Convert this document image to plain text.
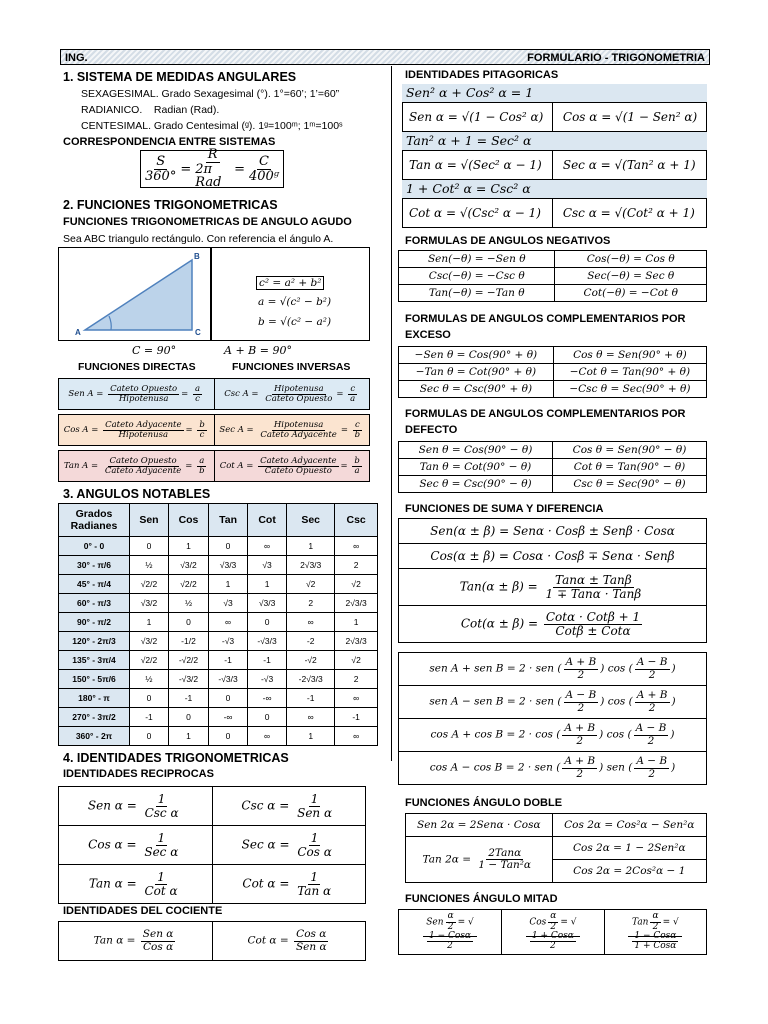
ING.	FORMULARIO - TRIGONOMETRIA
1. SISTEMA DE MEDIDAS ANGULARES
SEXAGESIMAL. Grado Sexagesimal (°). 1°=60’; 1’=60”
RADIANICO.    Radian (Rad).
CENTESIMAL. Grado Centesimal (ᵍ). 1ᵍ=100ᵐ; 1ᵐ=100ˢ
CORRESPONDENCIA ENTRE SISTEMAS
$\frac{S}{360^\circ} = \frac{R}{\text{2π Rad}} = \frac{C}{\text{400ᵍ}}$
2. FUNCIONES TRIGONOMETRICAS
FUNCIONES TRIGONOMETRICAS DE ANGULO AGUDO
Sea ABC triangulo rectángulo. Con referencia el ángulo A.
A
B
C
c² = a² + b²
a = √(c² − b²)
b = √(c² − a²)
C = 90°	A + B = 90°
FUNCIONES DIRECTAS	FUNCIONES INVERSAS
Sen $A = \frac{\text{Cateto Opuesto}}{\text{Hipotenusa}} = \frac{a}{c}$	Csc $A = \frac{\text{Hipotenusa}}{\text{Cateto Opuesto}} = \frac{c}{a}$
Cos $A = \frac{\text{Cateto Adyacente}}{\text{Hipotenusa}} = \frac{b}{c}$ Sec $A = \frac{\text{Hipotenusa}}{\text{Cateto Adyacente}} = \frac{c}{b}$
Tan $A = \frac{\text{Cateto Opuesto}}{\text{Cateto Adyacente}} = \frac{a}{b}$ Cot $A = \frac{\text{Cateto Adyacente}}{\text{Cateto Opuesto}} = \frac{b}{a}$
3. ANGULOS NOTABLES
Grados Radianes	Sen	Cos	Tan	Cot	Sec	Csc
0° - 0	0	1	0	∞	1	∞
30° - π/6	½	√3/2	√3/3	√3	2√3/3	2
45° - π/4	√2/2	√2/2	1	1	√2	√2
60° - π/3	√3/2	½	√3	√3/3	2	2√3/3
90° - π/2	1	0	∞	0	∞	1
120° - 2π/3	√3/2	-1/2	-√3	-√3/3	-2	2√3/3
135° - 3π/4	√2/2	-√2/2	-1	-1	-√2	√2
150° - 5π/6	½	-√3/2	-√3/3	-√3	-2√3/3	2
180° - π	0	-1	0	-∞	-1	∞
270° - 3π/2	-1	0	-∞	0	∞	-1
360° - 2π	0	1	0	∞	1	∞
4. IDENTIDADES TRIGONOMETRICAS
IDENTIDADES RECIPROCAS
Sen $\alpha = \frac{1}{\text{Csc α}}$	Csc $\alpha = \frac{1}{\text{Sen α}}$

Cos $\alpha = \frac{1}{\text{Sec α}}$	Sec $\alpha = \frac{1}{\text{Cos α}}$

Tan $\alpha = \frac{1}{\text{Cot α}}$	Cot $\alpha = \frac{1}{\text{Tan α}}$
IDENTIDADES DEL COCIENTE
Tan $\alpha = \frac{\text{Sen α}}{\text{Cos α}}$	Cot $\alpha = \frac{\text{Cos α}}{\text{Sen α}}$
IDENTIDADES PITAGORICAS
Sen² α + Cos² α = 1
Sen α = √(1 − Cos² α)	Cos α = √(1 − Sen² α)
Tan² α + 1 = Sec² α
Tan α = √(Sec² α − 1)	Sec α = √(Tan² α + 1)
1 + Cot² α = Csc² α
Cot α = √(Csc² α − 1)	Csc α = √(Cot² α + 1)
FORMULAS DE ANGULOS NEGATIVOS
Sen(−θ) = −Sen θ	Cos(−θ) = Cos θ
Csc(−θ) = −Csc θ	Sec(−θ) = Sec θ
Tan(−θ) = −Tan θ	Cot(−θ) = −Cot θ
FORMULAS DE ANGULOS COMPLEMENTARIOS POR EXCESO
−Sen θ = Cos(90° + θ)	Cos θ = Sen(90° + θ)
−Tan θ = Cot(90° + θ)	−Cot θ = Tan(90° + θ)
Sec θ = Csc(90° + θ)	−Csc θ = Sec(90° + θ)
FORMULAS DE ANGULOS COMPLEMENTARIOS POR DEFECTO
Sen θ = Cos(90° − θ)	Cos θ = Sen(90° − θ)
Tan θ = Cot(90° − θ)	Cot θ = Tan(90° − θ)
Sec θ = Csc(90° − θ)	Csc θ = Sec(90° − θ)
FUNCIONES DE SUMA Y DIFERENCIA
Sen(α ± β) = Senα · Cosβ ± Senβ · Cosα
Cos(α ± β) = Cosα · Cosβ ∓ Senα · Senβ
$Tan(\alpha \pm \beta) = \frac{\text{Tanα ± Tanβ}}{\text{1 ∓ Tanα · Tanβ}}$

$Cot(\alpha \pm \beta) = \frac{\text{Cotα · Cotβ + 1}}{\text{Cotβ ± Cotα}}$
sen A + sen B = 2 · sen ( $\frac{A + B}{2}$ ) cos ( $\frac{A - B}{2}$ )
sen A − sen B = 2 · sen ( $\frac{A - B}{2}$ ) cos ( $\frac{A + B}{2}$ )
cos A + cos B = 2 · cos ( $\frac{A + B}{2}$ ) cos ( $\frac{A - B}{2}$ )
cos A − cos B = 2 · sen ( $\frac{A + B}{2}$ ) sen ( $\frac{A - B}{2}$ )
FUNCIONES ÁNGULO DOBLE
Sen 2α = 2Senα · Cosα	Cos 2α = Cos²α − Sen²α
Tan $2\alpha = \frac{\text{2Tanα}}{\text{1 − Tan²α}}$	Cos 2α = 1 − 2Sen²α
	Cos 2α = 2Cos²α − 1
FUNCIONES ÁNGULO MITAD
Sen $\frac{\alpha}{2}$ = √
$\frac{\text{1 − Cosα}}{2}$
	Cos $\frac{\alpha}{2}$ = √
$\frac{\text{1 + Cosα}}{2}$
	Tan $\frac{\alpha}{2}$ = √
$\frac{\text{1 − Cosα}}{\text{1 + Cosα}}$
